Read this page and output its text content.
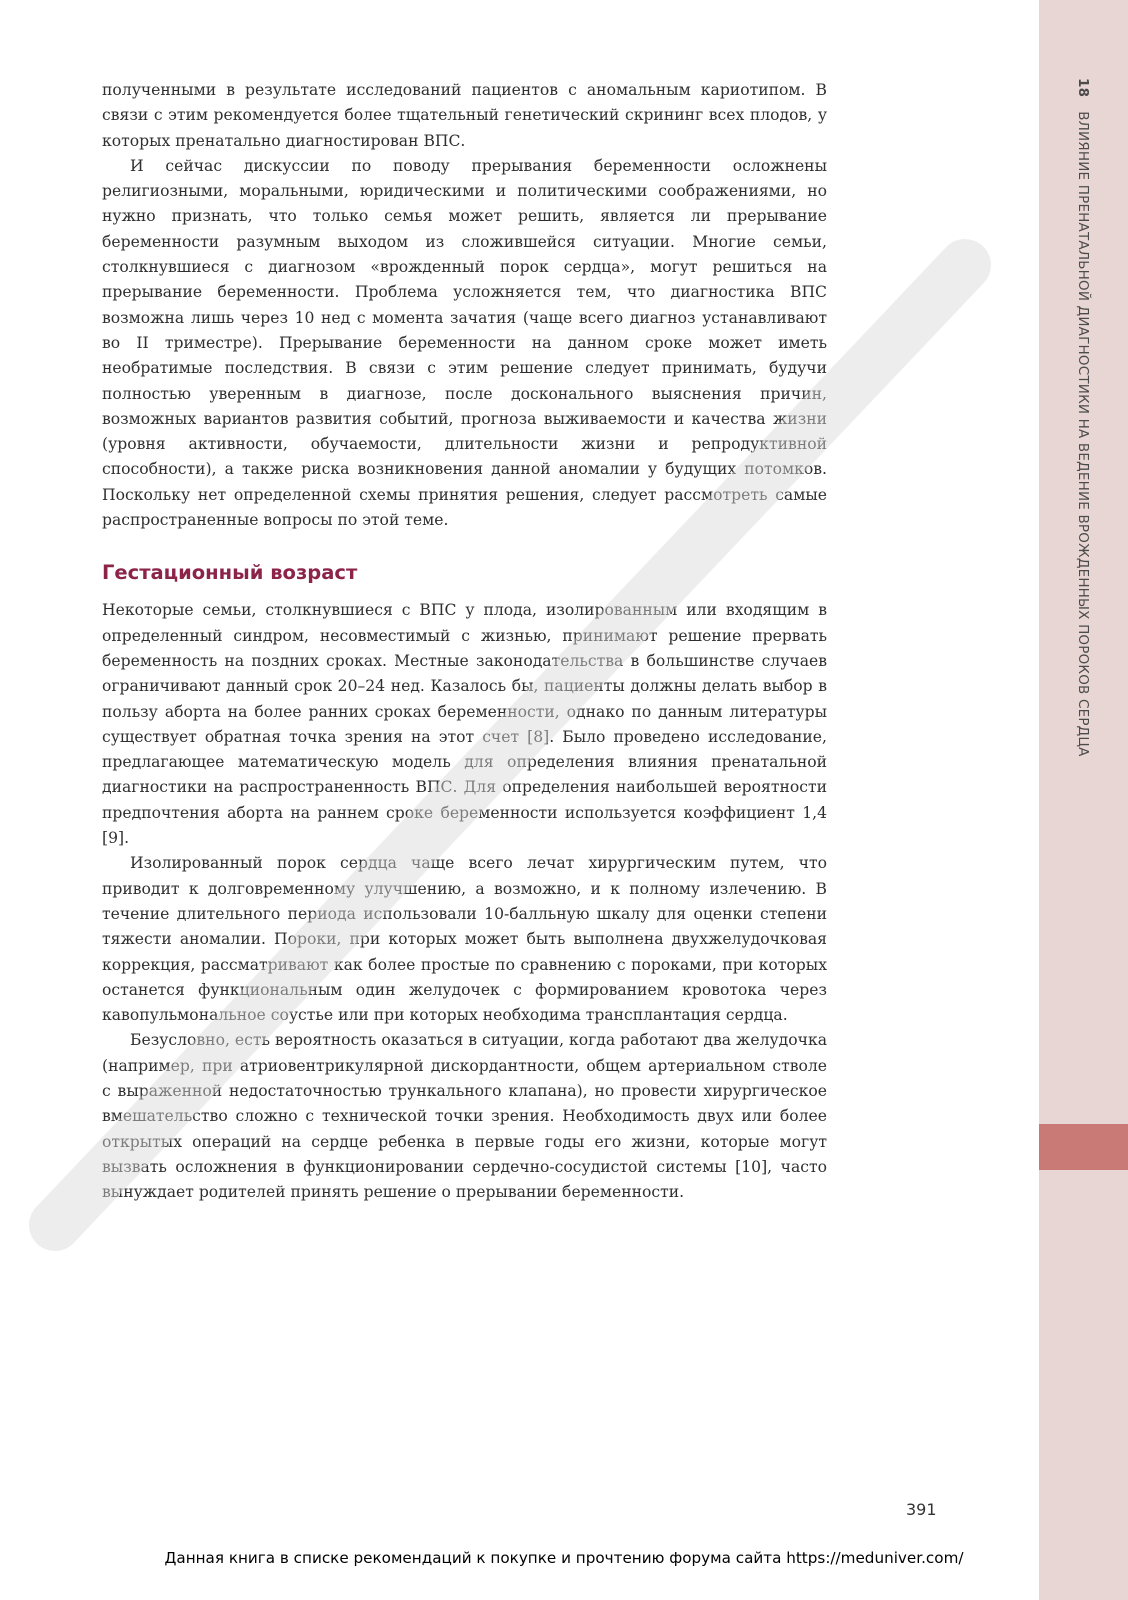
18ВЛИЯНИЕ ПРЕНАТАЛЬНОЙ ДИАГНОСТИКИ НА ВЕДЕНИЕ ВРОЖДЕННЫХ ПОРОКОВ СЕРДЦА

полученными в результате исследований пациентов с аномальным кариотипом. В связи с этим рекомендуется более тщательный генетический скрининг всех плодов, у которых пренатально диагностирован ВПС.

И сейчас дискуссии по поводу прерывания беременности осложнены религиозными, моральными, юридическими и политическими соображениями, но нужно признать, что только семья может решить, является ли прерывание беременности разумным выходом из сложившейся ситуации. Многие семьи, столкнувшиеся с диагнозом «врожденный порок сердца», могут решиться на прерывание беременности. Проблема усложняется тем, что диагностика ВПС возможна лишь через 10 нед с момента зачатия (чаще всего диагноз устанавливают во II триместре). Прерывание беременности на данном сроке может иметь необратимые последствия. В связи с этим решение следует принимать, будучи полностью уверенным в диагнозе, после досконального выяснения причин, возможных вариантов развития событий, прогноза выживаемости и качества жизни (уровня активности, обучаемости, длительности жизни и репродуктивной способности), а также риска возникновения данной аномалии у будущих потомков. Поскольку нет определенной схемы принятия решения, следует рассмотреть самые распространенные вопросы по этой теме.

Гестационный возраст

Некоторые семьи, столкнувшиеся с ВПС у плода, изолированным или входящим в определенный синдром, несовместимый с жизнью, принимают решение прервать беременность на поздних сроках. Местные законодательства в большинстве случаев ограничивают данный срок 20–24 нед. Казалось бы, пациенты должны делать выбор в пользу аборта на более ранних сроках беременности, однако по данным литературы существует обратная точка зрения на этот счет [8]. Было проведено исследование, предлагающее математическую модель для определения влияния пренатальной диагностики на распространенность ВПС. Для определения наибольшей вероятности предпочтения аборта на раннем сроке беременности используется коэффициент 1,4 [9].

Изолированный порок сердца чаще всего лечат хирургическим путем, что приводит к долговременному улучшению, а возможно, и к полному излечению. В течение длительного периода использовали 10-балльную шкалу для оценки степени тяжести аномалии. Пороки, при которых может быть выполнена двухжелудочковая коррекция, рассматривают как более простые по сравнению с пороками, при которых останется функциональным один желудочек с формированием кровотока через кавопульмональное соустье или при которых необходима трансплантация сердца.

Безусловно, есть вероятность оказаться в ситуации, когда работают два желудочка (например, при атриовентрикулярной дискордантности, общем артериальном стволе с выраженной недостаточностью трункального клапана), но провести хирургическое вмешательство сложно с технической точки зрения. Необходимость двух или более открытых операций на сердце ребенка в первые годы его жизни, которые могут вызвать осложнения в функционировании сердечно-сосудистой системы [10], часто вынуждает родителей принять решение о прерывании беременности.

391
Данная книга в списке рекомендаций к покупке и прочтению форума сайта https://meduniver.com/
